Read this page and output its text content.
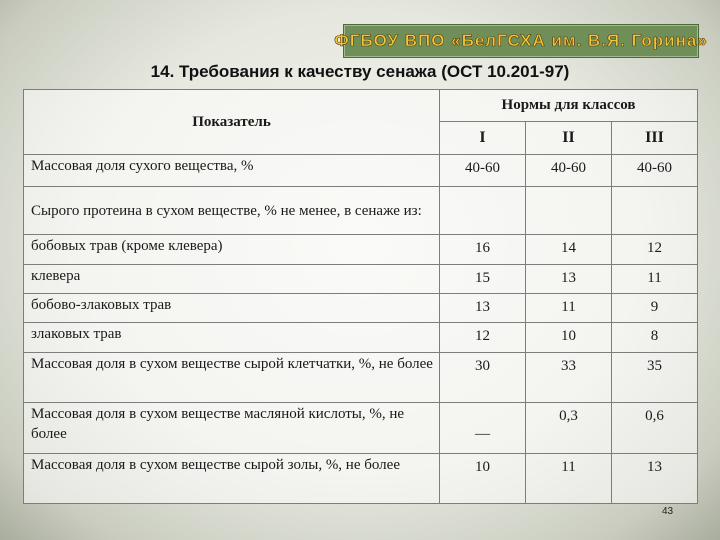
ФГБОУ ВПО «БелГСХА им. В.Я. Горина»
14. Требования к качеству сенажа (ОСТ 10.201-97)
Показатель	Нормы для классов		
	I	II	III
Массовая доля сухого вещества, %	40-60	40-60	40-60
Сырого протеина в сухом веществе, % не менее, в сенаже из:			
бобовых трав (кроме клевера)	16	14	12
клевера	15	13	11
бобово-злаковых трав	13	11	9
злаковых трав	12	10	8
Массовая доля в сухом веществе сырой клетчатки, %, не более	30	33	35
Массовая доля в сухом веществе масляной кислоты, %, не более	__	0,3	0,6
Массовая доля в сухом веществе сырой золы, %, не более	10	11	13
43
